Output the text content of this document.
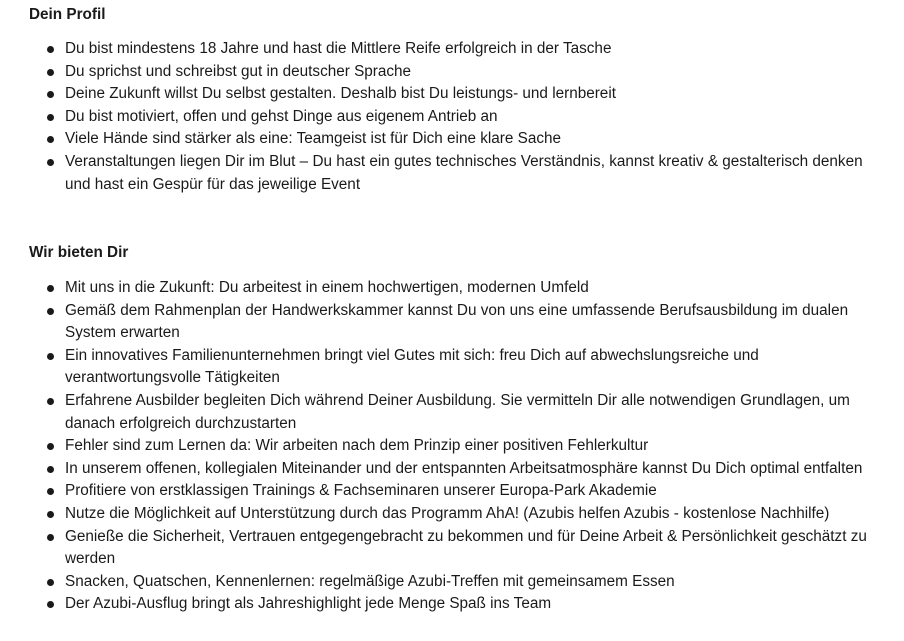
Dein Profil
Du bist mindestens 18 Jahre und hast die Mittlere Reife erfolgreich in der Tasche
Du sprichst und schreibst gut in deutscher Sprache
Deine Zukunft willst Du selbst gestalten. Deshalb bist Du leistungs- und lernbereit
Du bist motiviert, offen und gehst Dinge aus eigenem Antrieb an
Viele Hände sind stärker als eine: Teamgeist ist für Dich eine klare Sache
Veranstaltungen liegen Dir im Blut – Du hast ein gutes technisches Verständnis, kannst kreativ & gestalterisch denken und hast ein Gespür für das jeweilige Event
Wir bieten Dir
Mit uns in die Zukunft: Du arbeitest in einem hochwertigen, modernen Umfeld
Gemäß dem Rahmenplan der Handwerkskammer kannst Du von uns eine umfassende Berufsausbildung im dualen System erwarten
Ein innovatives Familienunternehmen bringt viel Gutes mit sich: freu Dich auf abwechslungsreiche und verantwortungsvolle Tätigkeiten
Erfahrene Ausbilder begleiten Dich während Deiner Ausbildung. Sie vermitteln Dir alle notwendigen Grundlagen, um danach erfolgreich durchzustarten
Fehler sind zum Lernen da: Wir arbeiten nach dem Prinzip einer positiven Fehlerkultur
In unserem offenen, kollegialen Miteinander und der entspannten Arbeitsatmosphäre kannst Du Dich optimal entfalten
Profitiere von erstklassigen Trainings & Fachseminaren unserer Europa-Park Akademie
Nutze die Möglichkeit auf Unterstützung durch das Programm AhA! (Azubis helfen Azubis - kostenlose Nachhilfe)
Genieße die Sicherheit, Vertrauen entgegengebracht zu bekommen und für Deine Arbeit & Persönlichkeit geschätzt zu werden
Snacken, Quatschen, Kennenlernen: regelmäßige Azubi-Treffen mit gemeinsamem Essen
Der Azubi-Ausflug bringt als Jahreshighlight jede Menge Spaß ins Team
